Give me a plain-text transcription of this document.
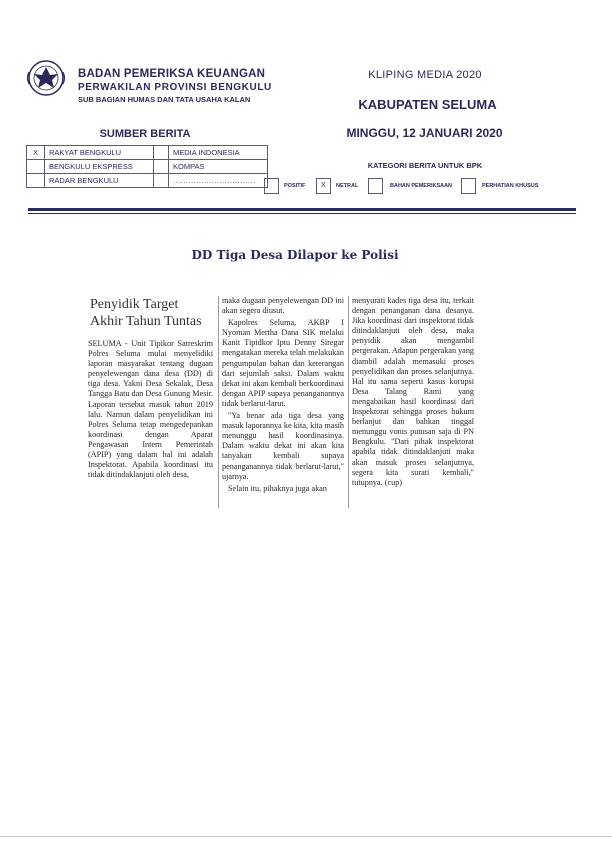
BADAN PEMERIKSA KEUANGAN
PERWAKILAN PROVINSI BENGKULU
SUB BAGIAN HUMAS DAN TATA USAHA KALAN
KLIPING MEDIA 2020
KABUPATEN SELUMA
MINGGU, 12 JANUARI 2020
SUMBER BERITA
X	RAKYAT BENGKULU		MEDIA INDONESIA
	BENGKULU EKSPRESS		KOMPAS
	RADAR BENGKULU		................................
KATEGORI BERITA UNTUK BPK
POSITIF	X	NETRAL	BAHAN PEMERIKSAAN	PERHATIAN KHUSUS
DD Tiga Desa Dilapor ke Polisi
Penyidik Target
Akhir Tahun Tuntas

SELUMA - Unit Tipikor Satreskrim Polres Seluma mulai menyelidiki laporan masyarakat tentang dugaan penyelewengan dana desa (DD) di tiga desa. Yakni Desa Sekalak, Desa Tangga Batu dan Desa Gunung Mesir. Laporan tersebut masuk tahun 2019 lalu. Namun dalam penyelidikan ini Polres Seluma tetap mengedepankan koordinasi dengan Aparat Pengawasan Intern Pemerintah (APIP) yang dalam hal ini adalah Inspektorat. Apabila koordinasi itu tidak ditindaklanjuti oleh desa,

maka dugaan penyelewengan DD ini akan segera diusut.

Kapolres Seluma, AKBP I Nyoman Mertha Dana SIK melalui Kanit Tipidkor Iptu Denny Siregar mengatakan mereka telah melakukan pengumpulan bahan dan keterangan dari sejumlah saksi. Dalam waktu dekat ini akan kembali berkoordinasi dengan APIP supaya penanganannya tidak berlarut-larut.

"Ya benar ada tiga desa yang masuk laporannya ke kita, kita masih menunggu hasil koordinasinya. Dalam waktu dekat ini akan kita tanyakan kembali supaya penanganannya tidak berlarut-larut," ujarnya.

Selain itu, pihaknya juga akan

menyurati kades tiga desa itu, terkait dengan penanganan dana desanya. Jika koordinasi dari inspektorat tidak ditindaklanjuti oleh desa, maka penyidik akan mengambil pergerakan. Adapun pergerakan yang diambil adalah memasuki proses penyelidikan dan proses selanjutnya. Hal itu sama seperti kasus korupsi Desa Talang Rami yang mengabaikan hasil koordinasi dari Inspektorat sehingga proses hukum berlanjut dan bahkan tinggal menunggu vonis putusan saja di PN Bengkulu. "Dari pihak inspektorat apabila tidak ditindaklanjuti maka akan masuk proses selanjutnya, segera kita surati kembali," tutupnya. (cup)
